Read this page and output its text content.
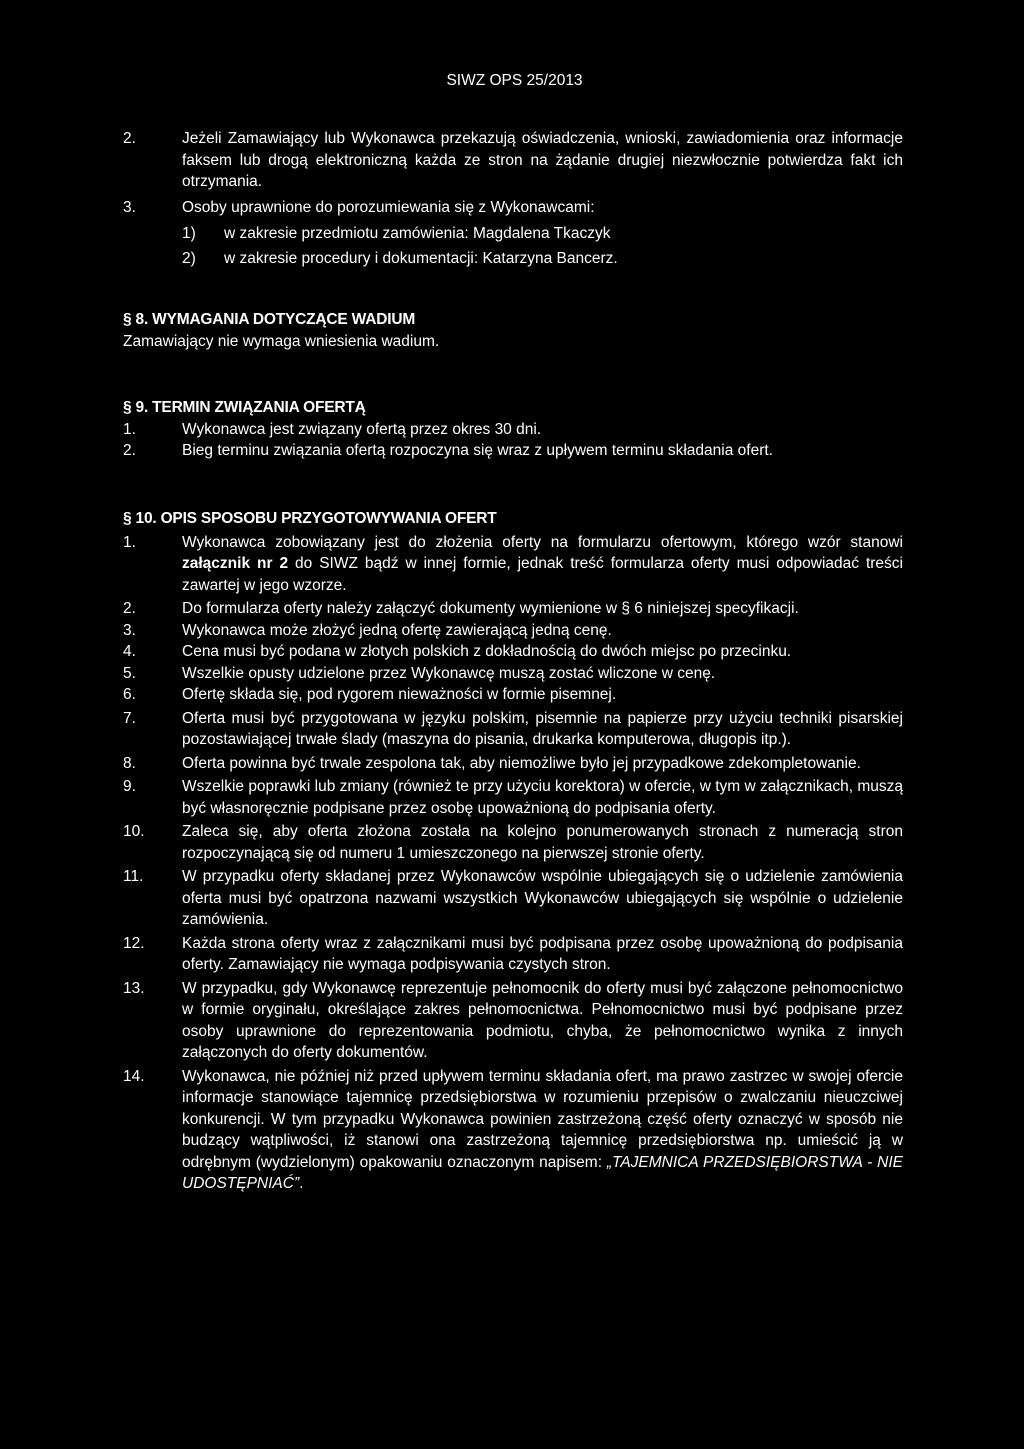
SIWZ OPS 25/2013
2.	Jeżeli Zamawiający lub Wykonawca przekazują oświadczenia, wnioski, zawiadomienia oraz informacje faksem lub drogą elektroniczną każda ze stron na żądanie drugiej niezwłocznie potwierdza fakt ich otrzymania.
3.	Osoby uprawnione do porozumiewania się z Wykonawcami:
1)	w zakresie przedmiotu zamówienia: Magdalena Tkaczyk
2)	w zakresie procedury i dokumentacji: Katarzyna Bancerz.
§ 8. WYMAGANIA DOTYCZĄCE WADIUM
Zamawiający nie wymaga wniesienia wadium.
§ 9. TERMIN ZWIĄZANIA OFERTĄ
1.	Wykonawca jest związany ofertą przez okres 30 dni.
2.	Bieg terminu związania ofertą rozpoczyna się wraz z upływem terminu składania ofert.
§ 10. OPIS SPOSOBU PRZYGOTOWYWANIA OFERT
1.	Wykonawca zobowiązany jest do złożenia oferty na formularzu ofertowym, którego wzór stanowi załącznik nr 2 do SIWZ bądź w innej formie, jednak treść formularza oferty musi odpowiadać treści zawartej w jego wzorze.
2.	Do formularza oferty należy załączyć dokumenty wymienione w § 6 niniejszej specyfikacji.
3.	Wykonawca może złożyć jedną ofertę zawierającą jedną cenę.
4.	Cena musi być podana w złotych polskich z dokładnością do dwóch miejsc po przecinku.
5.	Wszelkie opusty udzielone przez Wykonawcę muszą zostać wliczone w cenę.
6.	Ofertę składa się, pod rygorem nieważności w formie pisemnej.
7.	Oferta musi być przygotowana w języku polskim, pisemnie na papierze przy użyciu techniki pisarskiej pozostawiającej trwałe ślady (maszyna do pisania, drukarka komputerowa, długopis itp.).
8.	Oferta powinna być trwale zespolona tak, aby niemożliwe było jej przypadkowe zdekompletowanie.
9.	Wszelkie poprawki lub zmiany (również te przy użyciu korektora) w ofercie, w tym w załącznikach, muszą być własnoręcznie podpisane przez osobę upoważnioną do podpisania oferty.
10. Zaleca się, aby oferta złożona została na kolejno ponumerowanych stronach z numeracją stron rozpoczynającą się od numeru 1 umieszczonego na pierwszej stronie oferty.
11. W przypadku oferty składanej przez Wykonawców wspólnie ubiegających się o udzielenie zamówienia oferta musi być opatrzona nazwami wszystkich Wykonawców ubiegających się wspólnie o udzielenie zamówienia.
12. Każda strona oferty wraz z załącznikami musi być podpisana przez osobę upoważnioną do podpisania oferty. Zamawiający nie wymaga podpisywania czystych stron.
13. W przypadku, gdy Wykonawcę reprezentuje pełnomocnik do oferty musi być załączone pełnomocnictwo w formie oryginału, określające zakres pełnomocnictwa. Pełnomocnictwo musi być podpisane przez osoby uprawnione do reprezentowania podmiotu, chyba, że pełnomocnictwo wynika z innych załączonych do oferty dokumentów.
14. Wykonawca, nie później niż przed upływem terminu składania ofert, ma prawo zastrzec w swojej ofercie informacje stanowiące tajemnicę przedsiębiorstwa w rozumieniu przepisów o zwalczaniu nieuczciwej konkurencji. W tym przypadku Wykonawca powinien zastrzeżoną część oferty oznaczyć w sposób nie budzący wątpliwości, iż stanowi ona zastrzeżoną tajemnicę przedsiębiorstwa np. umieścić ją w odrębnym (wydzielonym) opakowaniu oznaczonym napisem: „TAJEMNICA PRZEDSIĘBIORSTWA - NIE UDOSTĘPNIAĆ”.
